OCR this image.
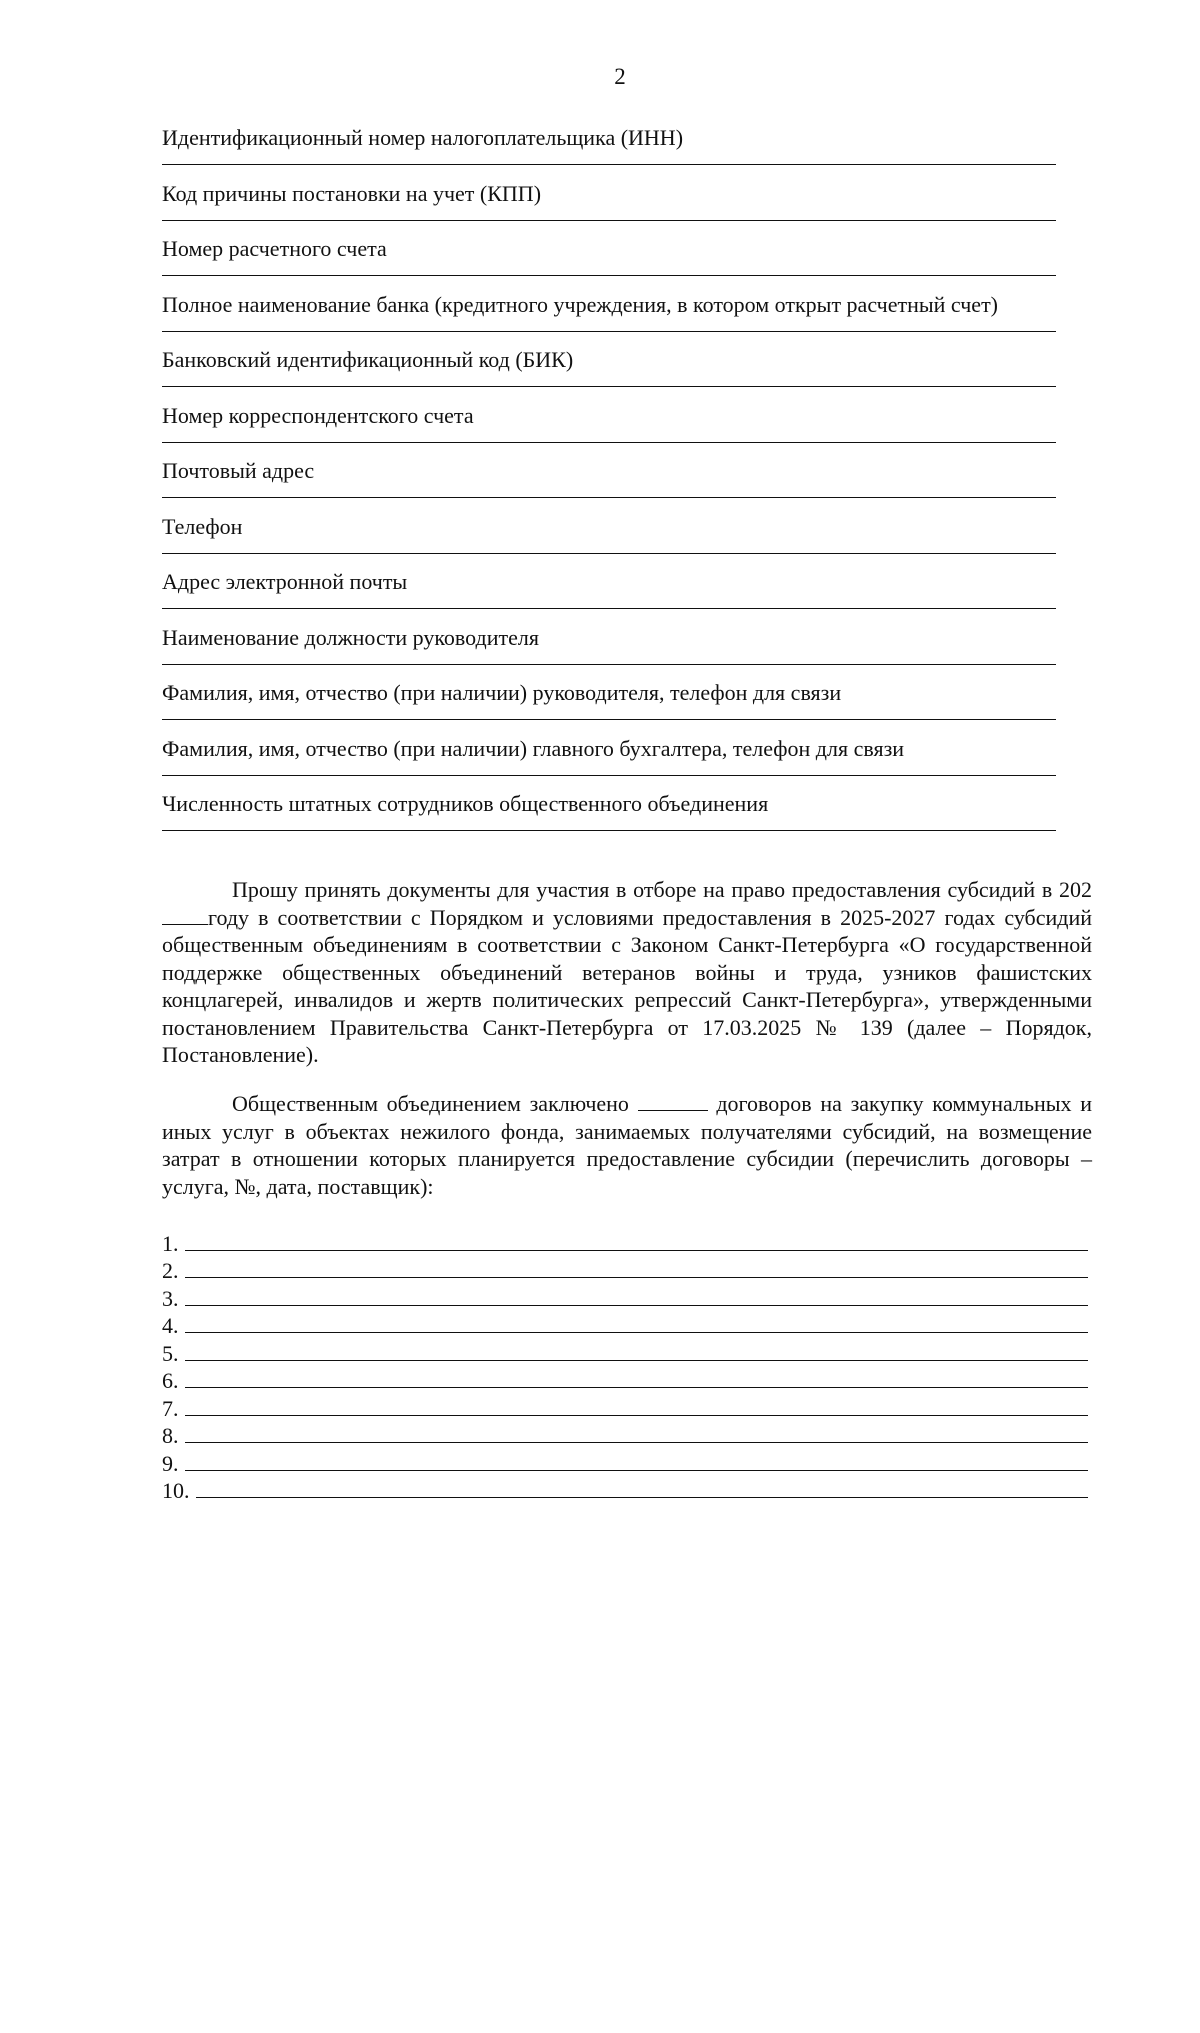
2
Идентификационный номер налогоплательщика (ИНН)
Код причины постановки на учет (КПП)
Номер расчетного счета
Полное наименование банка (кредитного учреждения, в котором открыт расчетный счет)
Банковский идентификационный код (БИК)
Номер корреспондентского счета
Почтовый адрес
Телефон
Адрес электронной почты
Наименование должности руководителя
Фамилия, имя, отчество (при наличии) руководителя, телефон для связи
Фамилия, имя, отчество (при наличии) главного бухгалтера, телефон для связи
Численность штатных сотрудников общественного объединения

Прошу принять документы для участия в отборе на право предоставления субсидий в 202году в соответствии с Порядком и условиями предоставления в 2025-2027 годах субсидий общественным объединениям в соответствии с Законом Санкт-Петербурга «О государственной поддержке общественных объединений ветеранов войны и труда, узников фашистских концлагерей, инвалидов и жертв политических репрессий Санкт-Петербурга», утвержденными постановлением Правительства Санкт-Петербурга от 17.03.2025 № 139 (далее – Порядок, Постановление).

Общественным объединением заключено	договоров на закупку коммунальных и иных услуг в объектах нежилого фонда, занимаемых получателями субсидий, на возмещение затрат в отношении которых планируется предоставление субсидии (перечислить договоры – услуга, №, дата, поставщик):

1.
2.
3.
4.
5.
6.
7.
8.
9.
10.
